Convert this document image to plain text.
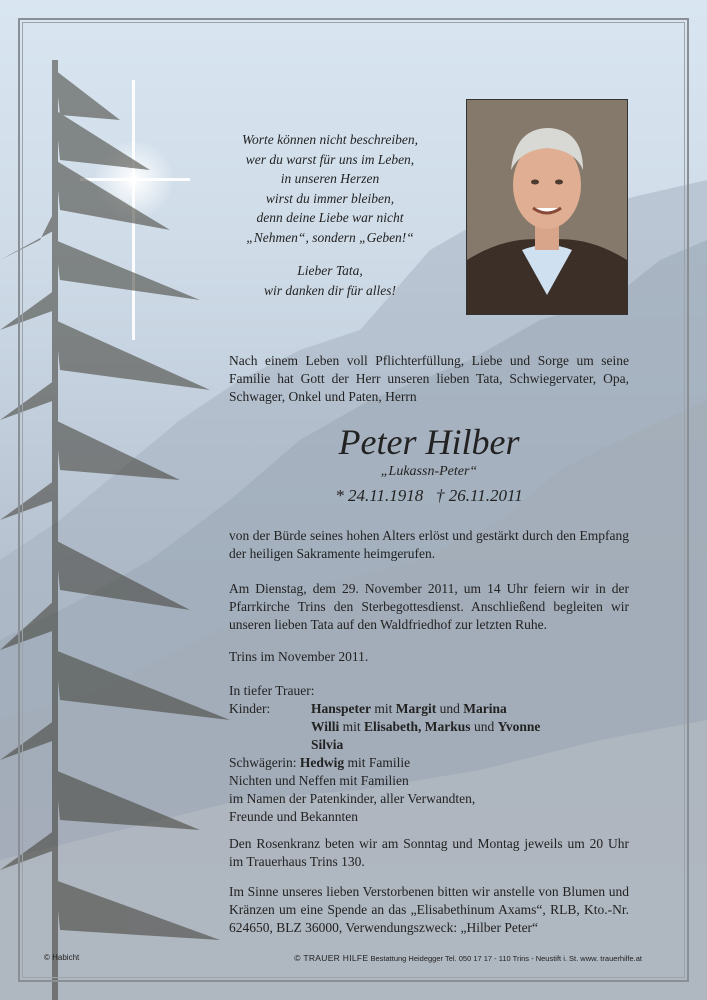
Worte können nicht beschreiben,

wer du warst für uns im Leben,

in unseren Herzen

wirst du immer bleiben,

denn deine Liebe war nicht

„Nehmen“, sondern „Geben!“

Lieber Tata,

wir danken dir für alles!

Nach einem Leben voll Pflichterfüllung, Liebe und Sorge um seine Familie hat Gott der Herr unseren lieben Tata, Schwiegervater, Opa, Schwager, Onkel und Paten, Herrn
Peter Hilber
„Lukassn-Peter“
* 24.11.1918   † 26.11.2011
von der Bürde seines hohen Alters erlöst und gestärkt durch den Empfang der heiligen Sakramente heimgerufen.
Am Dienstag, dem 29. November 2011, um 14 Uhr feiern wir in der Pfarrkirche Trins den Sterbegottesdienst. Anschließend begleiten wir unseren lieben Tata auf den Waldfriedhof zur letzten Ruhe.
Trins im November 2011.
In tiefer Trauer:
Kinder:	Hanspeter mit Margit und Marina
Willi mit Elisabeth, Markus und Yvonne
Silvia
Schwägerin: Hedwig mit Familie
Nichten und Neffen mit Familien
im Namen der Patenkinder, aller Verwandten,
Freunde und Bekannten
Den Rosenkranz beten wir am Sonntag und Montag jeweils um 20 Uhr im Trauerhaus Trins 130.
Im Sinne unseres lieben Verstorbenen bitten wir anstelle von Blumen und Kränzen um eine Spende an das „Elisabethinum Axams“, RLB, Kto.-Nr. 624650, BLZ 36000, Verwendungszweck: „Hilber Peter“
© Habicht	© TRAUER HILFE Bestattung Heidegger Tel. 050 17 17 - 110 Trins - Neustift i. St. www. trauerhilfe.at
